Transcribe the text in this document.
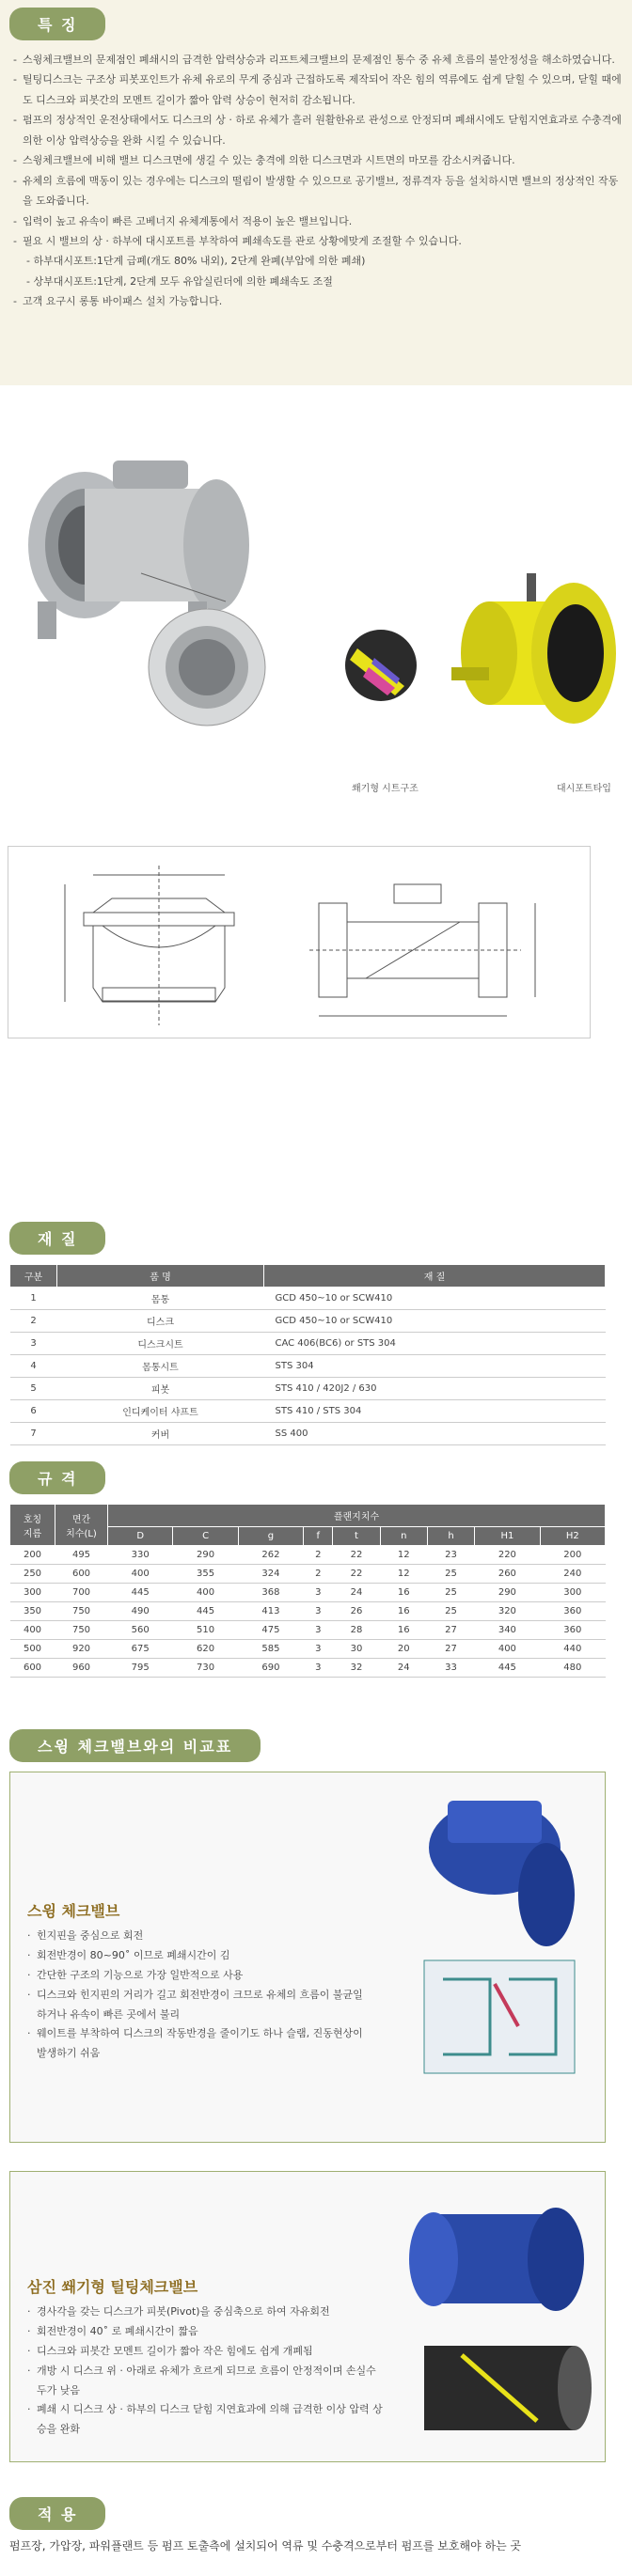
특 징
- 스윙체크밸브의 문제점인 폐쇄시의 급격한 압력상승과 리프트체크밸브의 문제점인 통수 중 유체 흐름의 불안정성을 해소하였습니다.
- 틸팅디스크는 구조상 피봇포인트가 유체 유로의 무게 중심과 근접하도록 제작되어 작은 힘의 역류에도 쉽게 닫힐 수 있으며, 닫힐 때에도 디스크와 피봇간의 모멘트 길이가 짧아 압력 상승이 현저히 감소됩니다.
- 펌프의 정상적인 운전상태에서도 디스크의 상 · 하로 유체가 흘러 원활한유로 관성으로 안정되며 폐쇄시에도 닫힘지연효과로 수충격에 의한 이상 압력상승을 완화 시킬 수 있습니다.
- 스윙체크밸브에 비해 밸브 디스크면에 생길 수 있는 충격에 의한 디스크면과 시트면의 마모를 감소시켜줍니다.
- 유체의 흐름에 맥동이 있는 경우에는 디스크의 떨림이 발생할 수 있으므로 공기밸브, 정류격자 등을 설치하시면 밸브의 정상적인 작동을 도와줍니다.
- 입력이 높고 유속이 빠른 고베너지 유체계통에서 적용이 높은 밸브입니다.
- 필요 시 밸브의 상 · 하부에 대시포트를 부착하여 폐쇄속도를 관로 상황에맞게 조절할 수 있습니다.
- 하부대시포트:1단계 급폐(개도 80% 내외), 2단계 완폐(부압에 의한 폐쇄)
- 상부대시포트:1단계, 2단계 모두 유압실린더에 의한 폐쇄속도 조절
- 고객 요구시 롱통 바이패스 설치 가능합니다.
쐐기형 시트구조	대시포트타입
재 질
구분	품 명	재 질
1	몸통	GCD 450~10 or SCW410
2	디스크	GCD 450~10 or SCW410
3	디스크시트	CAC 406(BC6) or STS 304
4	몸통시트	STS 304
5	피봇	STS 410 / 420J2 / 630
6	인디케이터 샤프트	STS 410 / STS 304
7	커버	SS 400
규 격
호칭
지름	면간
치수(L)	플랜지치수								
		D	C	g	f	t	n	h	H1	H2
200	495	330	290	262	2	22	12	23	220	200
250	600	400	355	324	2	22	12	25	260	240
300	700	445	400	368	3	24	16	25	290	300
350	750	490	445	413	3	26	16	25	320	360
400	750	560	510	475	3	28	16	27	340	360
500	920	675	620	585	3	30	20	27	400	440
600	960	795	730	690	3	32	24	33	445	480
스윙 체크밸브와의 비교표
스윙 체크밸브
· 힌지핀을 중심으로 회전
· 회전반경이 80~90˚ 이므로 폐쇄시간이 김
· 간단한 구조의 기능으로 가장 일반적으로 사용
· 디스크와 힌지핀의 거리가 길고 회전반경이 크므로 유체의 흐름이 불균일하거나 유속이 빠른 곳에서 불리
· 웨이트를 부착하여 디스크의 작동반경을 줄이기도 하나 슬램, 진동현상이 발생하기 쉬움
삼진 쐐기형 틸팅체크밸브
· 경사각을 갖는 디스크가 피봇(Pivot)을 중심축으로 하여 자유회전
· 회전반경이 40˚ 로 폐쇄시간이 짧음
· 디스크와 피봇간 모멘트 길이가 짧아 작은 힘에도 쉽게 개폐됨
· 개방 시 디스크 위 · 아래로 유체가 흐르게 되므로 흐름이 안정적이며 손실수두가 낮음
· 폐쇄 시 디스크 상 · 하부의 디스크 닫힘 지연효과에 의해 급격한 이상 압력 상승을 완화
적 용

펌프장, 가압장, 파워플랜트 등 펌프 토출측에 설치되어 역류 및 수충격으로부터 펌프를 보호해야 하는 곳
